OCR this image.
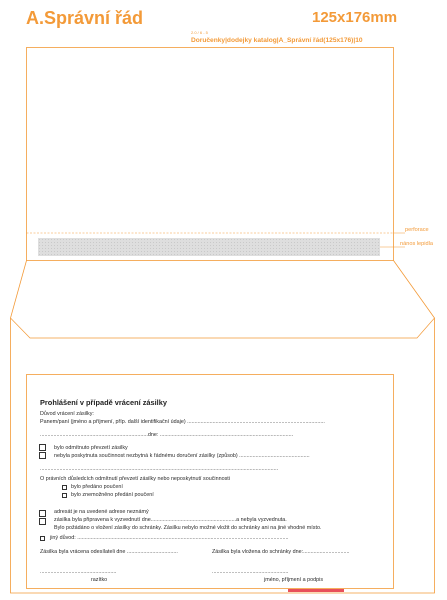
A.Správní řád	125x176mm
2.0 / 6 - 5
Doručenky|dodejky katalog|A_Správní řád(125x176)|10
perforace
nános lepidla
Prohlášení v případě vrácení zásilky
Důvod vrácení zásilky:
Panem/paní (jméno a příjmení, příp. další identifikační údaje) ............................................................................................
........................................................................dne: .........................................................................................
bylo odmítnuto převzetí zásilky
nebyla poskytnuta součinnost nezbytná k řádnému doručení zásilky (způsob) ...............................................
...............................................................................................................................................................
O právních důsledcích odmítnutí převzetí zásilky nebo neposkytnutí součinnosti
bylo předáno poučení
bylo znemožněno předání poučení
adresát je na uvedené adrese neznámý
zásilka byla připravena k vyzvednutí dne.........................................................a nebyla vyzvednuta.
Bylo požádáno o vložení zásilky do schránky. Zásilku nebylo možné vložit do schránky ani na jiné vhodné místo.
jiný důvod: .............................................................................................................................................
Zásilka byla vrácena odesílateli dne ..................................	Zásilka byla vložena do schránky dne:...............................
...................................................	...................................................
razítko	jméno, příjmení a podpis
